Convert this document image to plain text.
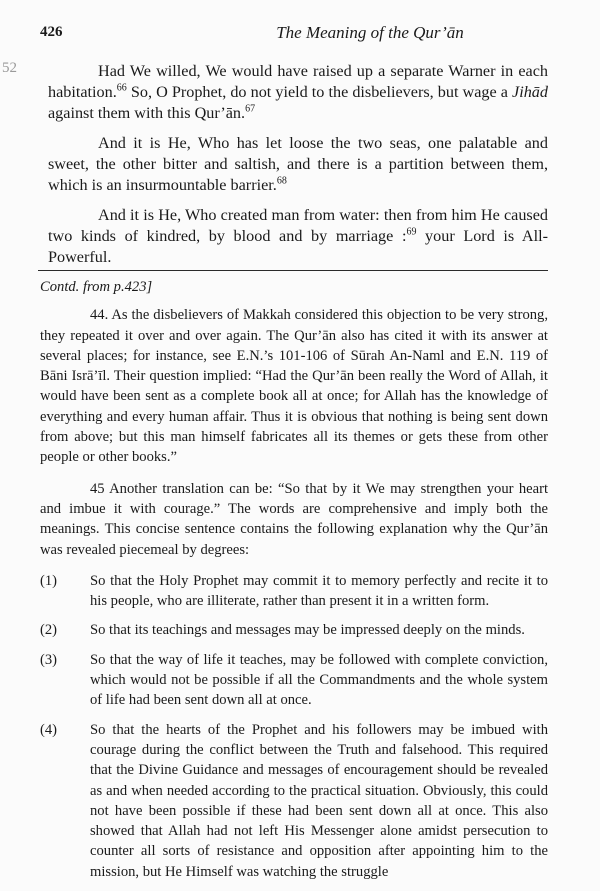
426	The Meaning of the Qur’ān
52	Had We willed, We would have raised up a separate Warner in each habitation.$^{66}$ So, O Prophet, do not yield to the disbelievers, but wage a Jihād against them with this Qur’ān.$^{67}$

And it is He, Who has let loose the two seas, one palatable and sweet, the other bitter and saltish, and there is a partition between them, which is an insurmountable barrier.$^{68}$

And it is He, Who created man from water: then from him He caused two kinds of kindred, by blood and by marriage :$^{69}$ your Lord is All-Powerful.

Contd. from p.423]

44. As the disbelievers of Makkah considered this objection to be very strong, they repeated it over and over again. The Qur’ān also has cited it with its answer at several places; for instance, see E.N.’s 101-106 of Sūrah An-Naml and E.N. 119 of Bāni Isrā’īl. Their question implied: “Had the Qur’ān been really the Word of Allah, it would have been sent as a complete book all at once; for Allah has the knowledge of everything and every human affair. Thus it is obvious that nothing is being sent down from above; but this man himself fabricates all its themes or gets these from other people or other books.”

45 Another translation can be: “So that by it We may strengthen your heart and imbue it with courage.” The words are comprehensive and imply both the meanings. This concise sentence contains the following explanation why the Qur’ān was revealed piecemeal by degrees:

(1) So that the Holy Prophet may commit it to memory perfectly and recite it to his people, who are illiterate, rather than present it in a written form.
(2) So that its teachings and messages may be impressed deeply on the minds.
(3) So that the way of life it teaches, may be followed with complete conviction, which would not be possible if all the Commandments and the whole system of life had been sent down all at once.
(4) So that the hearts of the Prophet and his followers may be imbued with courage during the conflict between the Truth and falsehood. This required that the Divine Guidance and messages of encouragement should be revealed as and when needed according to the practical situation. Obviously, this could not have been possible if these had been sent down all at once. This also showed that Allah had not left His Messenger alone amidst persecution to counter all sorts of resistance and opposition after appointing him to the mission, but He Himself was watching the struggle
